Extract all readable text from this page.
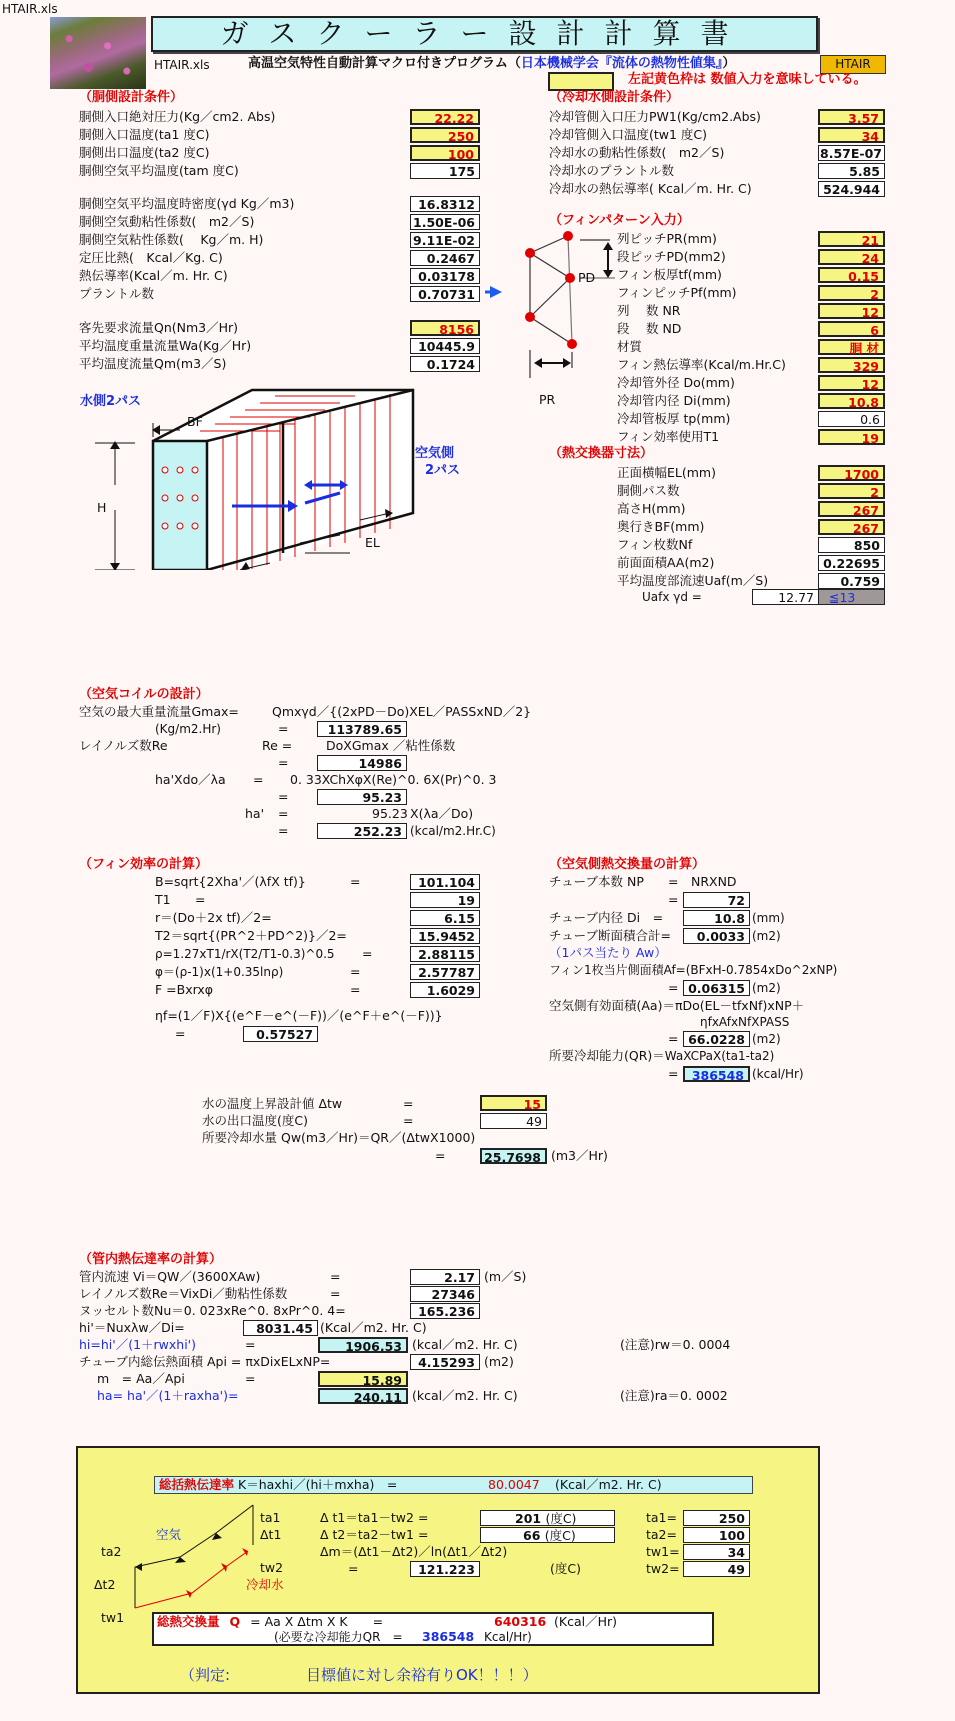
HTAIR.xls
ガスクーラー設計計算書
HTAIR.xls	高温空気特性自動計算マクロ付きプログラム（日本機械学会『流体の熱物性値集』）	HTAIR
左記黄色枠は 数値入力を意味している。
（胴側設計条件）
胴側入口絶対圧力(Kg／cm2. Abs)	22.22
胴側入口温度(ta1 度C)	250
胴側出口温度(ta2 度C)	100
胴側空気平均温度(tam 度C)	175
胴側空気平均温度時密度(γd Kg／m3)	16.8312
胴側空気動粘性係数(　m2／S)	1.50E-06
胴側空気粘性係数(　 Kg／m. H)	9.11E-02
定圧比熱(　Kcal／Kg. C)	0.2467
熱伝導率(Kcal／m. Hr. C)	0.03178
プラントル数	0.70731
客先要求流量Qn(Nm3／Hr)	8156
平均温度重量流量Wa(Kg／Hr)	10445.9
平均温度流量Qm(m3／S)	0.1724
（冷却水側設計条件）
冷却管側入口圧力PW1(Kg/cm2.Abs)	3.57
冷却管側入口温度(tw1 度C)	34
冷却水の動粘性係数(　m2／S)	8.57E-07
冷却水のプラントル数	5.85
冷却水の熱伝導率( Kcal／m. Hr. C)	524.944
（フィンパターン入力）
PD
PR
列ピッチPR(mm)	21
段ピッチPD(mm2)	24
フィン板厚tf(mm)	0.15
フィンピッチPf(mm)	2
列　 数 NR	12
段　 数 ND	6
材質	胴 材
フィン熱伝導率(Kcal/m.Hr.C)	329
冷却管外径 Do(mm)	12
冷却管内径 Di(mm)	10.8
冷却管板厚 tp(mm)	0.6
フィン効率使用T1	19
（熱交換器寸法）
正面横幅EL(mm)	1700
胴側パス数	2
高さH(mm)	267
奥行きBF(mm)	267
フィン枚数Nf	850
前面面積AA(m2)	0.22695
平均温度部流速Uaf(m／S)	0.759
Uafx γd =	12.77	≦13
水側2パス
空気側
2パス
BF
H
EL
（空気コイルの設計）
空気の最大重量流量Gmax=	Qmxγd／{(2xPD－Do)XEL／PASSxND／2}
(Kg/m2.Hr)	=	113789.65
レイノルズ数Re	Re =	DoXGmax ／粘性係数
=	14986
ha'Xdo／λa = 0. 33XChXφX(Re)^0. 6X(Pr)^0. 3
=	95.23
ha' =	95.23 X(λa／Do)
=	252.23 (kcal/m2.Hr.C)
（フィン効率の計算）
B=sqrt{2Xha'／(λfX tf)}	=	101.104
T1 =	19
r＝(Do＋2x tf)／2=	6.15
T2＝sqrt{(PR^2＋PD^2)}／2=	15.9452
ρ=1.27xT1/rX(T2/T1-0.3)^0.5 =	2.88115
φ＝(ρ-1)x(1+0.35lnρ)	=	2.57787
F =Bxrxφ	=	1.6029
ηf=(1／F)X{(e^F－e^(－F))／(e^F＋e^(－F))}
=	0.57527
（空気側熱交換量の計算）
チューブ本数 NP =　NRXND
=	72
チューブ内径 Di　=	10.8 (mm)
チューブ断面積合計=	0.0033 (m2)
（1パス当たり Aw）
フィン1枚当片側面積Af=(BFxH-0.7854xDo^2xNP)
= 0.06315 (m2)
空気側有効面積(Aa)＝πDo(EL－tfxNf)xNP＋
ηfxAfxNfXPASS
= 66.0228 (m2)
所要冷却能力(QR)＝WaXCPaX(ta1-ta2)
=	386548 (kcal/Hr)
水の温度上昇設計値 Δtw	=	15
水の出口温度(度C)	=	49
所要冷却水量 Qw(m3／Hr)＝QR／(ΔtwX1000)
=	25.7698 (m3／Hr)
（管内熱伝達率の計算）
管内流速 Vi＝QW／(3600XAw)	=	2.17 (m／S)
レイノルズ数Re＝VixDi／動粘性係数	=	27346
ヌッセルト数Nu＝0. 023xRe^0. 8xPr^0. 4=	165.236
hi'＝Nuxλw／Di=	8031.45 (Kcal／m2. Hr. C)
hi=hi'／(1＋rwxhi')	=	1906.53 (kcal／m2. Hr. C)	(注意)rw＝0. 0004
チューブ内総伝熱面積 Api = πxDixELxNP=	4.15293 (m2)
m　= Aa／Api	=	15.89
ha= ha'／(1＋raxha')=	240.11 (kcal／m2. Hr. C)	(注意)ra＝0. 0002
総括熱伝達率 K＝haxhi／(hi＋mxha)　=	80.0047 (Kcal／m2. Hr. C)
ta1
Δt1
空気
ta2
tw2
Δt2	冷却水
tw1
Δ t1＝ta1－tw2 =	201 (度C)
Δ t2＝ta2－tw1 =	66 (度C)
Δm＝(Δt1－Δt2)／ln(Δt1／Δt2)
=	121.223	(度C)
ta1=	250
ta2=	100
tw1=	34
tw2=	49
総熱交換量 Q = Aa X Δtm X K　　=	640316 (Kcal／Hr)
(必要な冷却能力QR　= 386548 Kcal/Hr)
（判定:	目標値に対し余裕有りOK！！！）
